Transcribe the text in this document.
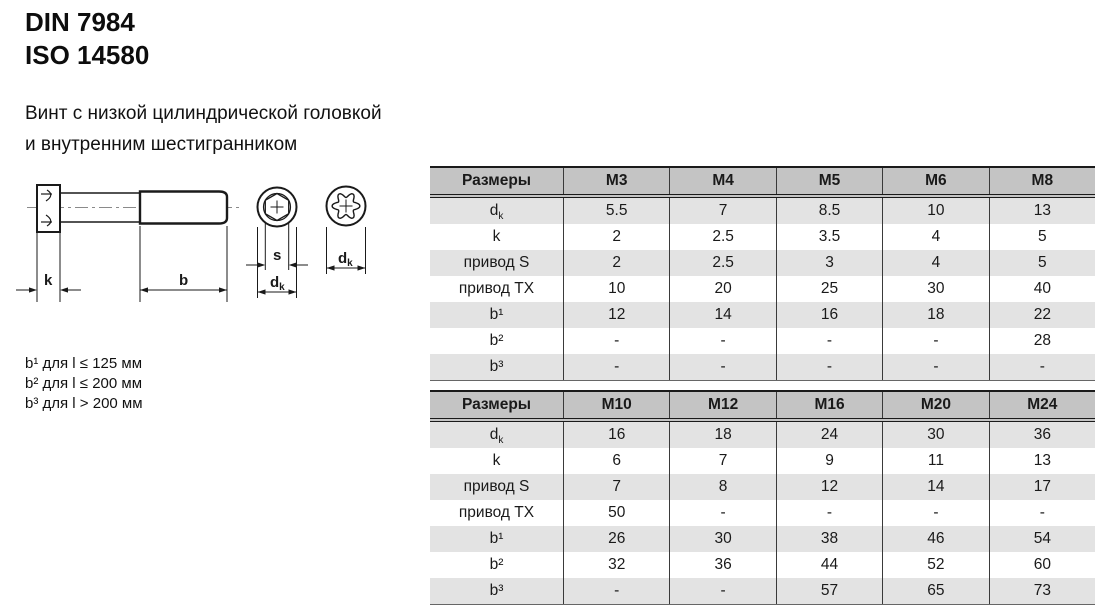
DIN 7984
ISO 14580
Винт с низкой цилиндрической головкой
и внутренним шестигранником
k	b
s
$d_k$
$d_k$
b¹ для l ≤ 125 мм
b² для l ≤ 200 мм
b³ для l > 200 мм
Размеры	M3	M4	M5	M6	M8
$d_k$	5.5	7	8.5	10	13
k	2	2.5	3.5	4	5
привод S	2	2.5	3	4	5
привод TX	10	20	25	30	40
b¹	12	14	16	18	22
b²	-	-	-	-	28
b³	-	-	-	-	-
Размеры	M10	M12	M16	M20	M24
$d_k$	16	18	24	30	36
k	6	7	9	11	13
привод S	7	8	12	14	17
привод TX	50	-	-	-	-
b¹	26	30	38	46	54
b²	32	36	44	52	60
b³	-	-	57	65	73
